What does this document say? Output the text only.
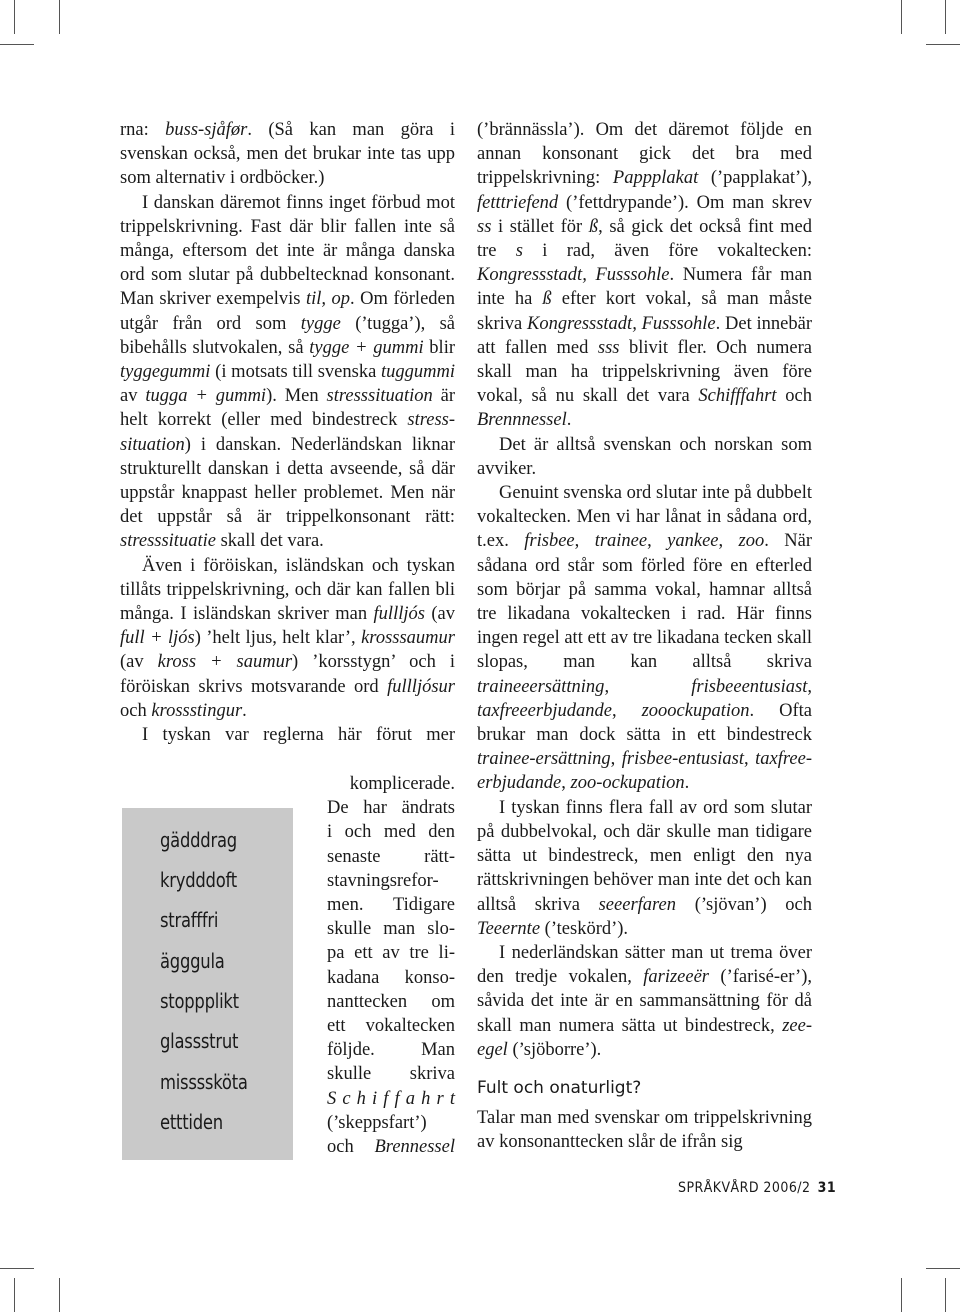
rna: buss-sjåfør. (Så kan man göra i svenskan också, men det brukar inte tas upp som alternativ i ordböcker.)

I danskan däremot finns inget förbud mot trippelskrivning. Fast där blir fallen inte så många, eftersom det inte är många danska ord som slutar på dubbeltecknad konsonant. Man skriver exempelvis til, op. Om förleden utgår från ord som tygge (’tugga’), så bibehålls slutvokalen, så tygge + gummi blir tyggegummi (i motsats till svenska tuggummi av tugga + gummi). Men stresssituation är helt korrekt (eller med bindestreck stress-situation) i danskan. Nederländskan liknar strukturellt danskan i detta avseende, så där uppstår knappast heller problemet. Men när det uppstår så är trippelkonsonant rätt: stresssituatie skall det vara.

Även i föröiskan, isländskan och tyskan tillåts trippelskrivning, och där kan fallen bli många. I isländskan skriver man fullljós (av full + ljós) ’helt ljus, helt klar’, krosssaumur (av kross + saumur) ’korsstygn’ och i föröiskan skrivs motsvarande ord fullljósur och krossstingur.

I tyskan var reglerna här förut mer

gädddrag
krydddoft
strafffri
ägggula
stoppplikt
glassstrut
missssköta
etttiden
komplicerade.
De har ändrats
i och med den
senaste rätt-
stavningsrefor-
men. Tidigare
skulle man slo-
pa ett av tre li-
kadana konso-
nanttecken om
ett vokaltecken
följde. Man
skulle skriva
S c h i f f a h r t
(’skeppsfart’)
och Brennessel

(’brännässla’). Om det däremot följde en annan konsonant gick det bra med trippelskrivning: Pappplakat (’papplakat’), fetttriefend (’fettdrypande’). Om man skrev ss i stället för ß, så gick det också fint med tre s i rad, även före vokaltecken: Kongressstadt, Fusssohle. Numera får man inte ha ß efter kort vokal, så man måste skriva Kongressstadt, Fusssohle. Det innebär att fallen med sss blivit fler. Och numera skall man ha trippelskrivning även före vokal, så nu skall det vara Schifffahrt och Brennnessel.

Det är alltså svenskan och norskan som avviker.

Genuint svenska ord slutar inte på dubbelt vokaltecken. Men vi har lånat in sådana ord, t.ex. frisbee, trainee, yankee, zoo. När sådana ord står som förled före en efterled som börjar på samma vokal, hamnar alltså tre likadana vokaltecken i rad. Här finns ingen regel att ett av tre likadana tecken skall slopas, man kan alltså skriva traineeersättning, frisbeeentusiast, taxfreeerbjudande, zooockupation. Ofta brukar man dock sätta in ett bindestreck trainee-ersättning, frisbee-entusiast, taxfree-erbjudande, zoo-ockupation.

I tyskan finns flera fall av ord som slutar på dubbelvokal, och där skulle man tidigare sätta ut bindestreck, men enligt den nya rättskrivningen behöver man inte det och kan alltså skriva seeerfaren (’sjövan’) och Teeernte (’teskörd’).

I nederländskan sätter man ut trema över den tredje vokalen, farizeeër (’farisé-er’), såvida det inte är en sammansättning för då skall man numera sätta ut bindestreck, zee-egel (’sjöborre’).

Fult och onaturligt?

Talar man med svenskar om trippelskrivning av konsonanttecken slår de ifrån sig

SPRÅKVÅRD 2006/2 31
